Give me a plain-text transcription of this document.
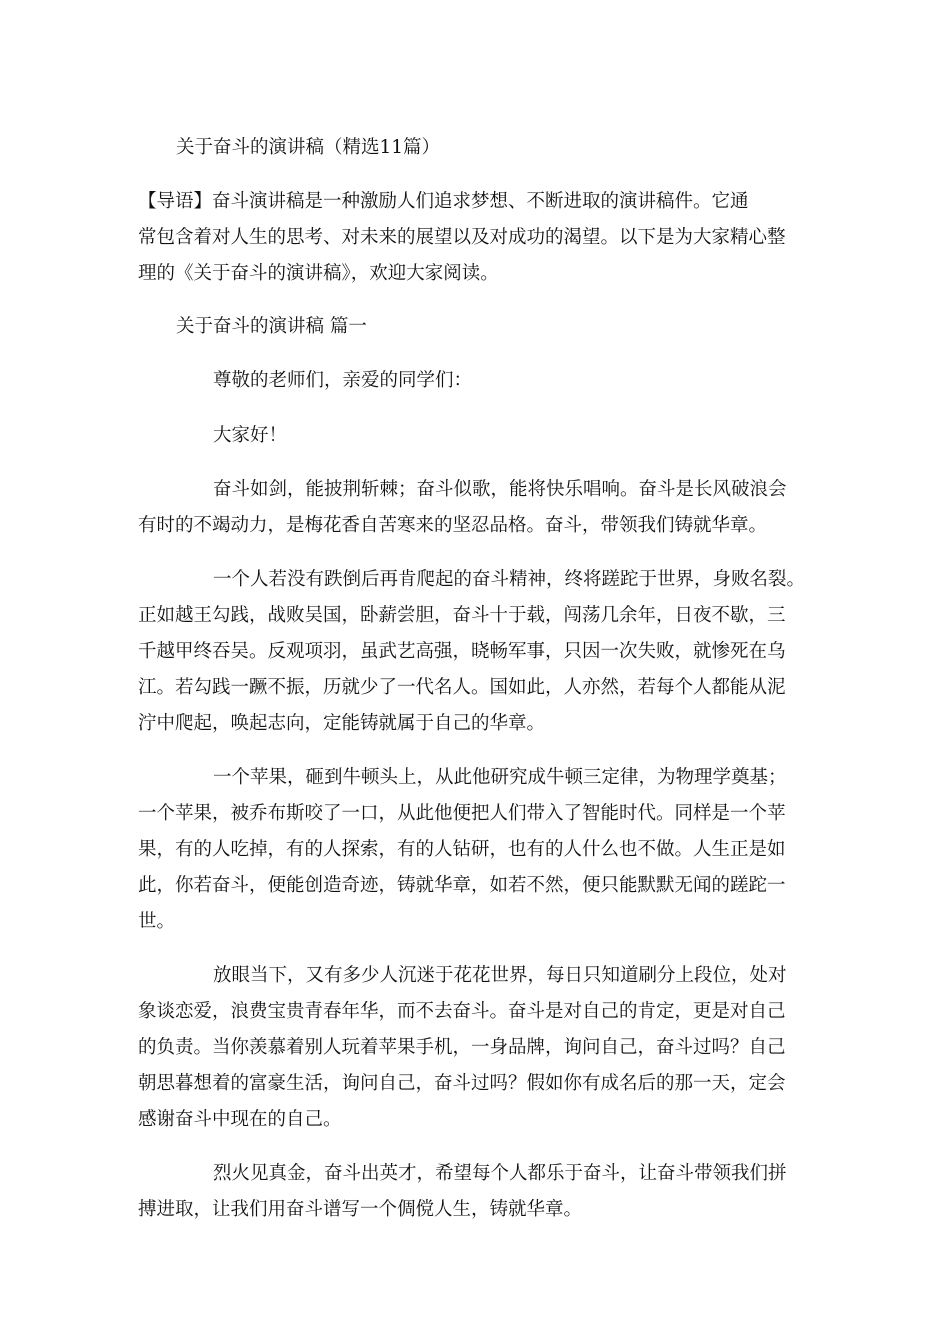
关于奋斗的演讲稿（精选11篇）
【导语】奋斗演讲稿是一种激励人们追求梦想、不断进取的演讲稿件。它通
常包含着对人生的思考、对未来的展望以及对成功的渴望。以下是为大家精心整
理的《关于奋斗的演讲稿》，欢迎大家阅读。
关于奋斗的演讲稿 篇一
尊敬的老师们，亲爱的同学们：
大家好！
奋斗如剑，能披荆斩棘；奋斗似歌，能将快乐唱响。奋斗是长风破浪会
有时的不竭动力，是梅花香自苦寒来的坚忍品格。奋斗，带领我们铸就华章。
一个人若没有跌倒后再肯爬起的奋斗精神，终将蹉跎于世界，身败名裂。
正如越王勾践，战败吴国，卧薪尝胆，奋斗十于载，闯荡几余年，日夜不歇，三
千越甲终吞吴。反观项羽，虽武艺高强，晓畅军事，只因一次失败，就惨死在乌
江。若勾践一蹶不振，历就少了一代名人。国如此，人亦然，若每个人都能从泥
泞中爬起，唤起志向，定能铸就属于自己的华章。
一个苹果，砸到牛顿头上，从此他研究成牛顿三定律，为物理学奠基；
一个苹果，被乔布斯咬了一口，从此他便把人们带入了智能时代。同样是一个苹
果，有的人吃掉，有的人探索，有的人钻研，也有的人什么也不做。人生正是如
此，你若奋斗，便能创造奇迹，铸就华章，如若不然，便只能默默无闻的蹉跎一
世。
放眼当下，又有多少人沉迷于花花世界，每日只知道刷分上段位，处对
象谈恋爱，浪费宝贵青春年华，而不去奋斗。奋斗是对自己的肯定，更是对自己
的负责。当你羡慕着别人玩着苹果手机，一身品牌，询问自己，奋斗过吗？自己
朝思暮想着的富豪生活，询问自己，奋斗过吗？假如你有成名后的那一天，定会
感谢奋斗中现在的自己。
烈火见真金，奋斗出英才，希望每个人都乐于奋斗，让奋斗带领我们拼
搏进取，让我们用奋斗谱写一个倜傥人生，铸就华章。
